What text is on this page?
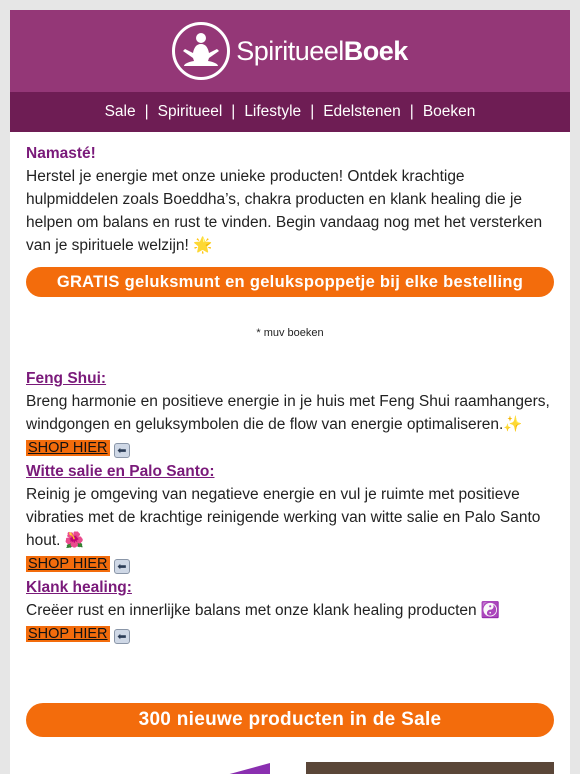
SpiritueelBoek
Sale | Spiritueel | Lifestyle | Edelstenen | Boeken
Namasté!
Herstel je energie met onze unieke producten! Ontdek krachtige hulpmiddelen zoals Boeddha’s, chakra producten en klank healing die je helpen om balans en rust te vinden. Begin vandaag nog met het versterken van je spirituele welzijn! 🌟
GRATIS geluksmunt en gelukspoppetje bij elke bestelling
* muv boeken
Feng Shui:
Breng harmonie en positieve energie in je huis met Feng Shui raamhangers, windgongen en geluksymbolen die de flow van energie optimaliseren.✨ SHOP HIER ⬅
Witte salie en Palo Santo:
Reinig je omgeving van negatieve energie en vul je ruimte met positieve vibraties met de krachtige reinigende werking van witte salie en Palo Santo hout. 🌺
SHOP HIER ⬅
Klank healing:
Creëer rust en innerlijke balans met onze klank healing producten ☯️
SHOP HIER ⬅
300 nieuwe producten in de Sale
